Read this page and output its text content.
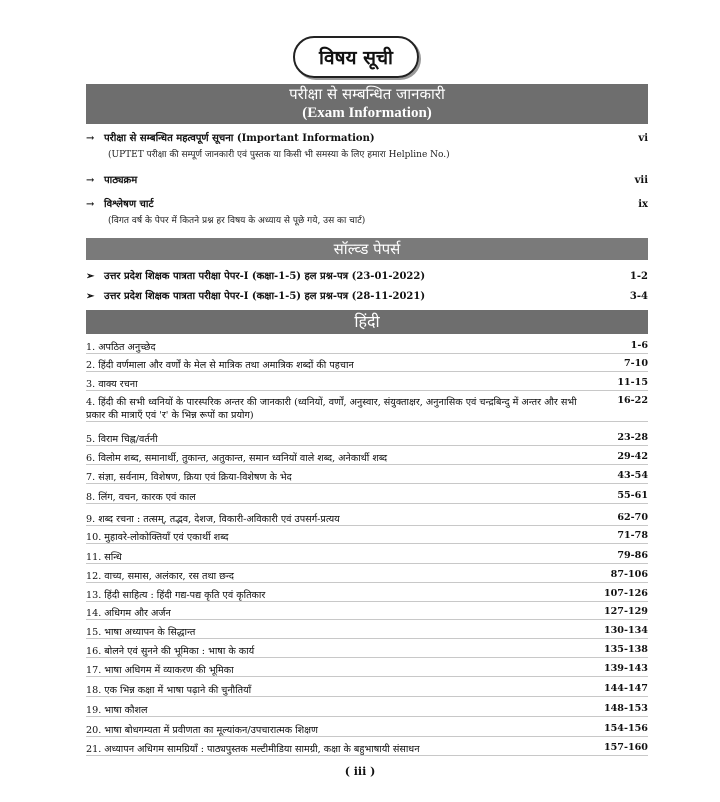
विषय सूची
परीक्षा से सम्बन्धित जानकारी
(Exam Information)
→ परीक्षा से सम्बन्धित महत्वपूर्ण सूचना (Important Information)	vi
(UPTET परीक्षा की सम्पूर्ण जानकारी एवं पुस्तक या किसी भी समस्या के लिए हमारा Helpline No.)
→ पाठ्यक्रम	vii
→ विश्लेषण चार्ट	ix
(विगत वर्ष के पेपर में कितने प्रश्न हर विषय के अध्याय से पूछे गये, उस का चार्ट)
सॉल्व्ड पेपर्स
➢ उत्तर प्रदेश शिक्षक पात्रता परीक्षा पेपर-I (कक्षा-1-5) हल प्रश्न-पत्र (23-01-2022)	1-2
➢ उत्तर प्रदेश शिक्षक पात्रता परीक्षा पेपर-I (कक्षा-1-5) हल प्रश्न-पत्र (28-11-2021)	3-4
हिंदी
1. अपठित अनुच्छेद	1-6
2. हिंदी वर्णमाला और वर्णों के मेल से मात्रिक तथा अमात्रिक शब्दों की पहचान	7-10
3. वाक्य रचना	11-15
4. हिंदी की सभी ध्वनियों के पारस्परिक अन्तर की जानकारी (ध्वनियों, वर्णों, अनुस्वार, संयुक्ताक्षर, अनुनासिक एवं चन्द्रबिन्दु में अन्तर और सभी प्रकार की मात्राएँ एवं 'र' के भिन्न रूपों का प्रयोग)
16-22
5. विराम चिह्न/वर्तनी	23-28
6. विलोम शब्द, समानार्थी, तुकान्त, अतुकान्त, समान ध्वनियों वाले शब्द, अनेकार्थी शब्द	29-42
7. संज्ञा, सर्वनाम, विशेषण, क्रिया एवं क्रिया-विशेषण के भेद	43-54
8. लिंग, वचन, कारक एवं काल	55-61
9. शब्द रचना : तत्सम्, तद्भव, देशज, विकारी-अविकारी एवं उपसर्ग-प्रत्यय	62-70
10. मुहावरे-लोकोक्तियाँ एवं एकार्थी शब्द	71-78
11. सन्धि	79-86
12. वाच्य, समास, अलंकार, रस तथा छन्द	87-106
13. हिंदी साहित्य : हिंदी गद्य-पद्य कृति एवं कृतिकार	107-126
14. अधिगम और अर्जन	127-129
15. भाषा अध्यापन के सिद्धान्त	130-134
16. बोलने एवं सुनने की भूमिका : भाषा के कार्य	135-138
17. भाषा अधिगम में व्याकरण की भूमिका	139-143
18. एक भिन्न कक्षा में भाषा पढ़ाने की चुनौतियाँ	144-147
19. भाषा कौशल	148-153
20. भाषा बोधगम्यता में प्रवीणता का मूल्यांकन/उपचारात्मक शिक्षण	154-156
21. अध्यापन अधिगम सामग्रियाँ : पाठ्यपुस्तक मल्टीमीडिया सामग्री, कक्षा के बहुभाषायी संसाधन	157-160
( iii )
